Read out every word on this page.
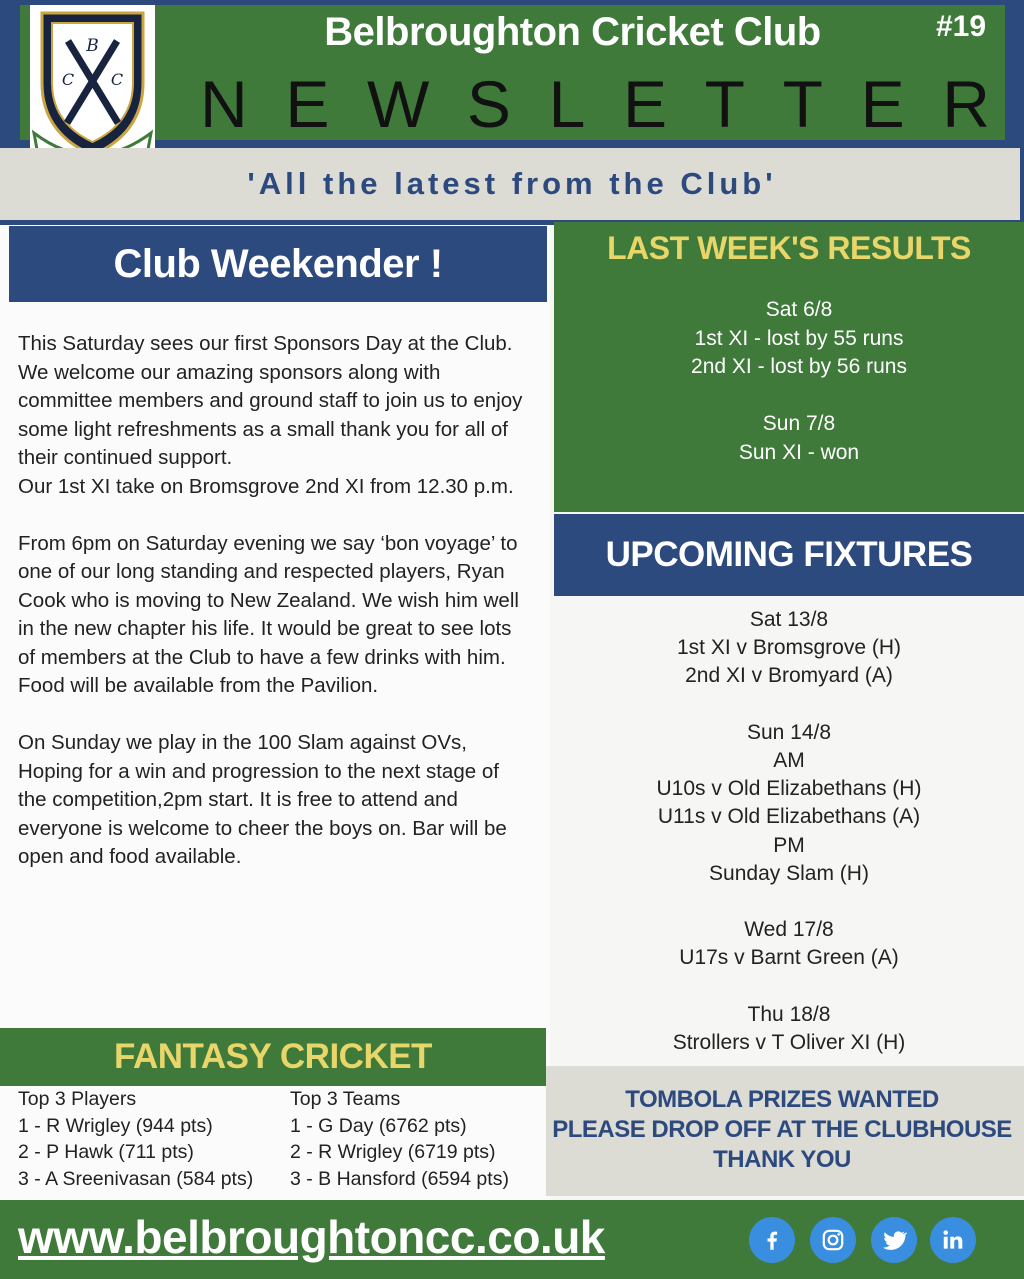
B
C C
Belbroughton Cricket Club	#19
N E W S L E T T E R
'All the latest from the Club'
Club Weekender !

This Saturday sees our first Sponsors Day at the Club. We welcome our amazing sponsors along with committee members and ground staff to join us to enjoy some light refreshments as a small thank you for all of their continued support.

Our 1st XI take on Bromsgrove 2nd XI from 12.30 p.m.

From 6pm on Saturday evening we say ‘bon voyage’ to one of our long standing and respected players, Ryan Cook who is moving to New Zealand. We wish him well in the new chapter his life. It would be great to see lots of members at the Club to have a few drinks with him. Food will be available from the Pavilion.

On Sunday we play in the 100 Slam against OVs, Hoping for a win and progression to the next stage of the competition,2pm start. It is free to attend and everyone is welcome to cheer the boys on. Bar will be open and food available.

FANTASY CRICKET
Top 3 Players
1 - R Wrigley (944 pts)
2 - P Hawk (711 pts)
3 - A Sreenivasan (584 pts)
Top 3 Teams
1 - G Day (6762 pts)
2 - R Wrigley (6719 pts)
3 - B Hansford (6594 pts)
LAST WEEK'S RESULTS
Sat 6/8
1st XI - lost by 55 runs
2nd XI - lost by 56 runs
Sun 7/8
Sun XI - won
UPCOMING FIXTURES
Sat 13/8
1st XI v Bromsgrove (H)
2nd XI v Bromyard (A)
Sun 14/8
AM
U10s v Old Elizabethans (H)
U11s v Old Elizabethans (A)
PM
Sunday Slam (H)
Wed 17/8
U17s v Barnt Green (A)
Thu 18/8
Strollers v T Oliver XI (H)
TOMBOLA PRIZES WANTED
PLEASE DROP OFF AT THE CLUBHOUSE
THANK YOU
www.belbroughtoncc.co.uk
